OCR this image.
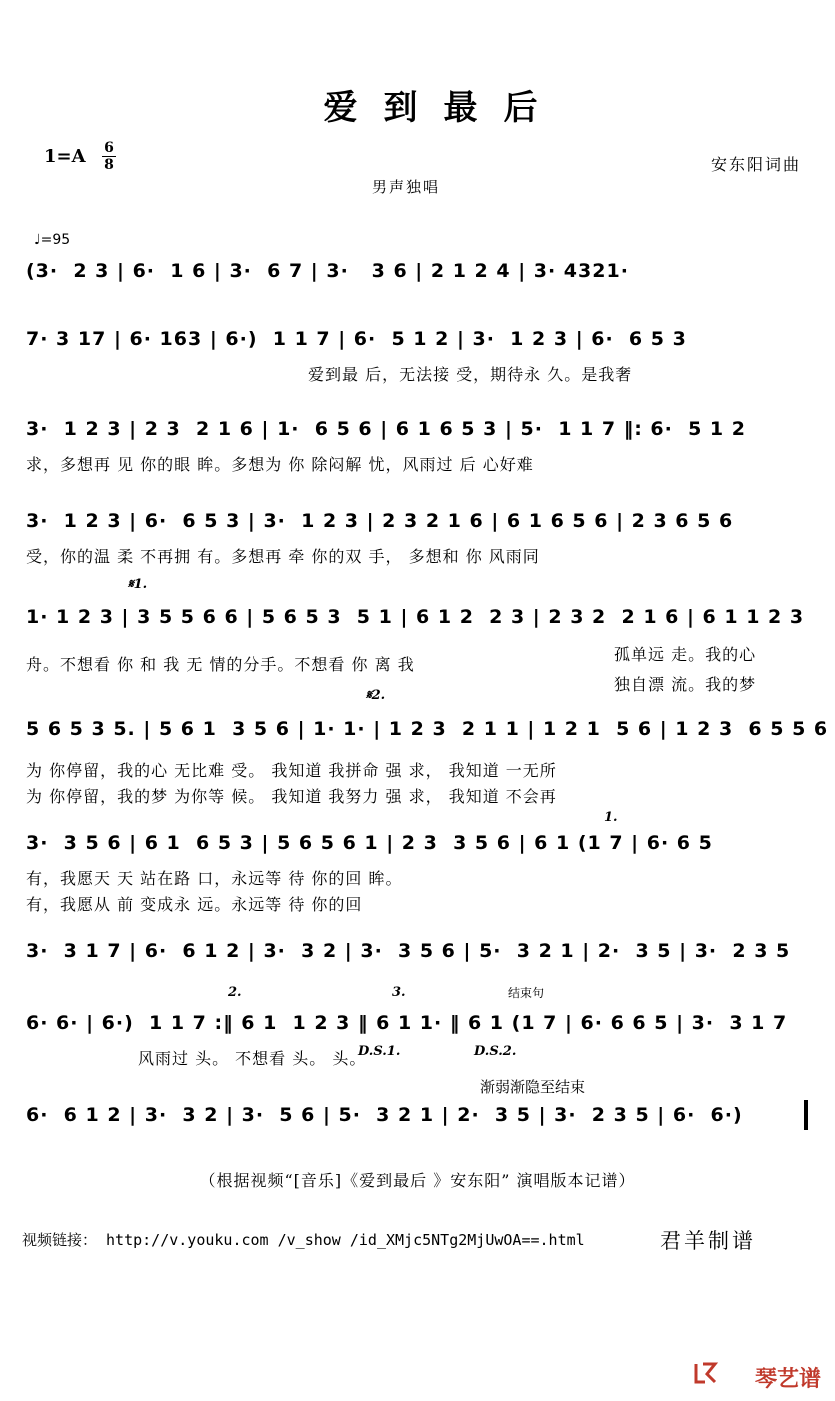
爱到最后
1=A 6
8	安东阳词曲
男声独唱
♩=95
(3·  2 3 | 6·  1 6 | 3·  6 7 | 3·   3 6 | 2 1 2 4 | 3· 4321·
7· 3 17 | 6· 163 | 6·)  1 1 7 | 6·  5 1 2 | 3·  1 2 3 | 6·  6 5 3
爱到最 后，无法接 受，期待永 久。是我奢
3·  1 2 3 | 2 3  2 1 6 | 1·  6 5 6 | 6 1 6 5 3 | 5·  1 1 7 ‖: 6·  5 1 2
求，多想再 见 你的眼 眸。多想为 你 除闷解 忧，风雨过 后 心好难
3·  1 2 3 | 6·  6 5 3 | 3·  1 2 3 | 2 3 2 1 6 | 6 1 6 5 6 | 2 3 6 5 6
受，你的温 柔 不再拥 有。多想再 牵 你的双 手， 多想和 你 风雨同
𝄋1.
1· 1 2 3 | 3 5 5 6 6 | 5 6 5 3  5 1 | 6 1 2  2 3 | 2 3 2  2 1 6 | 6 1 1 2 3
舟。不想看 你 和 我 无 情的分手。不想看 你 离 我
孤单远 走。我的心
独自漂 流。我的梦
𝄋2.
5 6 5 3 5. | 5 6 1  3 5 6 | 1· 1· | 1 2 3  2 1 1 | 1 2 1  5 6 | 1 2 3  6 5 5 6
为 你停留，我的心 无比难 受。 我知道 我拼命 强 求， 我知道 一无所
为 你停留，我的梦 为你等 候。 我知道 我努力 强 求， 我知道 不会再
1.
3·  3 5 6 | 6 1  6 5 3 | 5 6 5 6 1 | 2 3  3 5 6 | 6 1 (1 7 | 6· 6 5
有，我愿天 天 站在路 口，永远等 待 你的回 眸。
有，我愿从 前 变成永 远。永远等 待 你的回
3·  3 1 7 | 6·  6 1 2 | 3·  3 2 | 3·  3 5 6 | 5·  3 2 1 | 2·  3 5 | 3·  2 3 5
2.	3.	结束句
6· 6· | 6·)  1 1 7 :‖ 6 1  1 2 3 ‖ 6 1 1· ‖ 6 1 (1 7 | 6· 6 6 5 | 3·  3 1 7
风雨过 头。 不想看 头。 头。
D.S.1.	D.S.2.
渐弱渐隐至结束
6·  6 1 2 | 3·  3 2 | 3·  5 6 | 5·  3 2 1 | 2·  3 5 | 3·  2 3 5 | 6·  6·)
（根据视频“[音乐]《爱到最后 》安东阳” 演唱版本记谱）
视频链接： http://v.youku.com /v_show /id_XMjc5NTg2MjUwOA==.html	君羊制谱
琴艺谱
